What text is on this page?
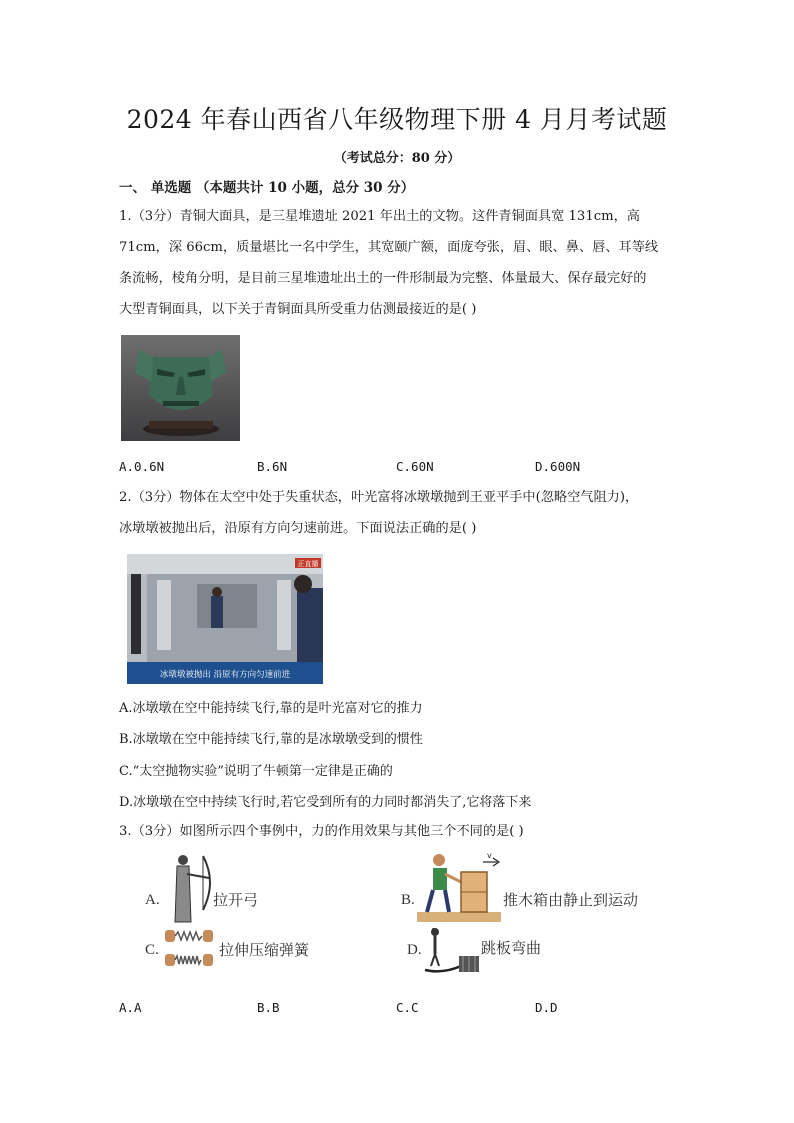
2024 年春山西省八年级物理下册 4 月月考试题
（考试总分：80 分）
一、 单选题 （本题共计 10 小题，总分 30 分）
1.（3分）青铜大面具，是三星堆遗址 2021 年出土的文物。这件青铜面具宽 131cm，高
71cm，深 66cm，质量堪比一名中学生，其宽颐广额，面庞夸张，眉、眼、鼻、唇、耳等线
条流畅，棱角分明，是目前三星堆遗址出土的一件形制最为完整、体量最大、保存最完好的
大型青铜面具，以下关于青铜面具所受重力估测最接近的是( )
A.0.6N	B.6N	C.60N	D.600N
2.（3分）物体在太空中处于失重状态，叶光富将冰墩墩抛到王亚平手中(忽略空气阻力)，
冰墩墩被抛出后，沿原有方向匀速前进。下面说法正确的是( )
正直播
冰墩墩被抛出 沿原有方向匀速前进
A.冰墩墩在空中能持续飞行,靠的是叶光富对它的推力
B.冰墩墩在空中能持续飞行,靠的是冰墩墩受到的惯性
C.“太空抛物实验”说明了牛顿第一定律是正确的
D.冰墩墩在空中持续飞行时,若它受到所有的力同时都消失了,它将落下来
3.（3分）如图所示四个事例中，力的作用效果与其他三个不同的是( )
A.	拉开弓	B.
v
推木箱由静止到运动
C.	拉伸压缩弹簧	D.	跳板弯曲
A.A	B.B	C.C	D.D
